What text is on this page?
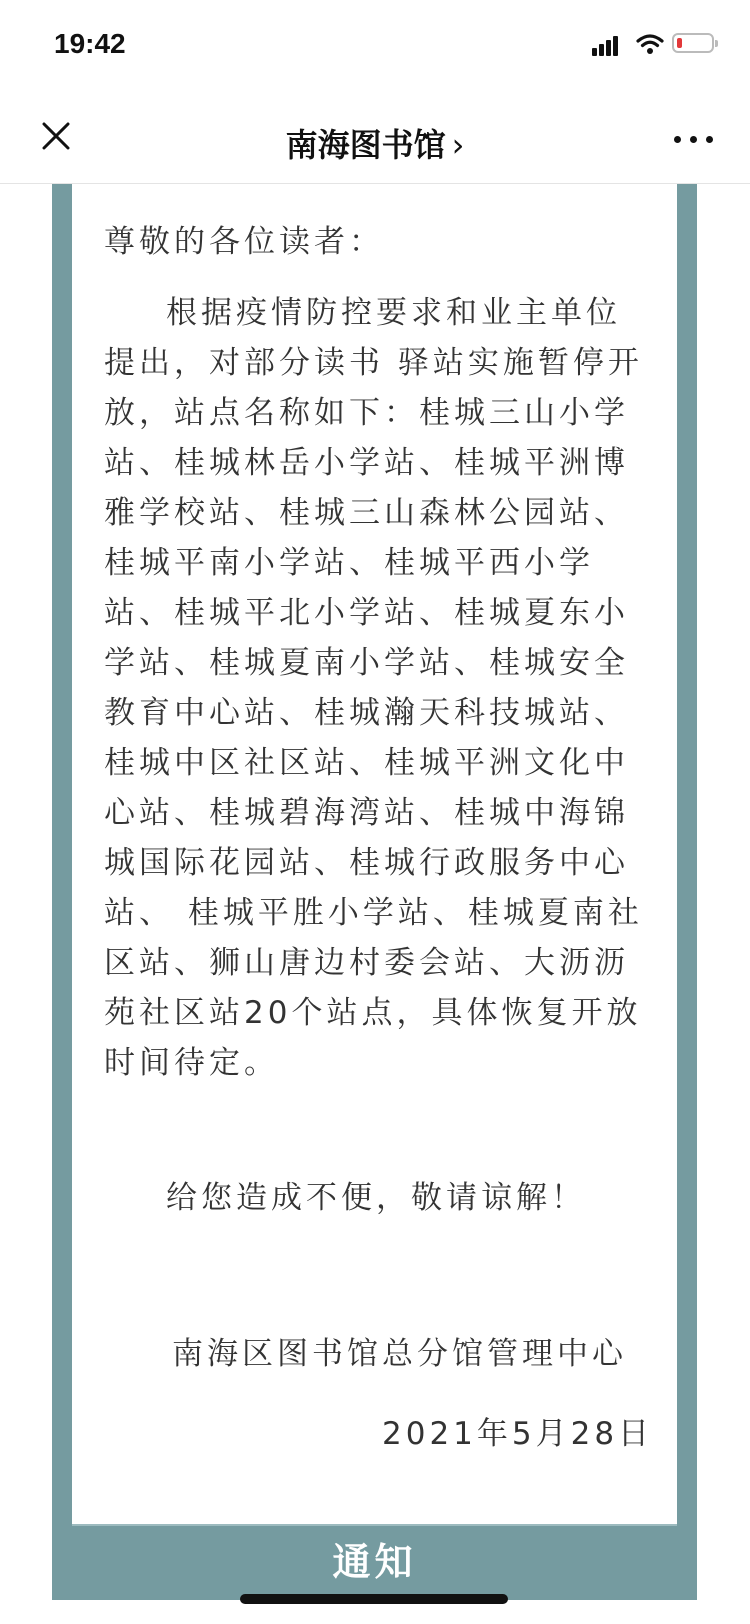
19:42
南海图书馆 ›
尊敬的各位读者：
根据疫情防控要求和业主单位提出，对部分读书 驿站实施暂停开放，站点名称如下：桂城三山小学站、桂城林岳小学站、桂城平洲博雅学校站、桂城三山森林公园站、桂城平南小学站、桂城平西小学站、桂城平北小学站、桂城夏东小学站、桂城夏南小学站、桂城安全教育中心站、桂城瀚天科技城站、桂城中区社区站、桂城平洲文化中心站、桂城碧海湾站、桂城中海锦城国际花园站、桂城行政服务中心站、 桂城平胜小学站、桂城夏南社区站、狮山唐边村委会站、大沥沥苑社区站20个站点，具体恢复开放时间待定。
给您造成不便，敬请谅解！
南海区图书馆总分馆管理中心
2021年5月28日
通知
